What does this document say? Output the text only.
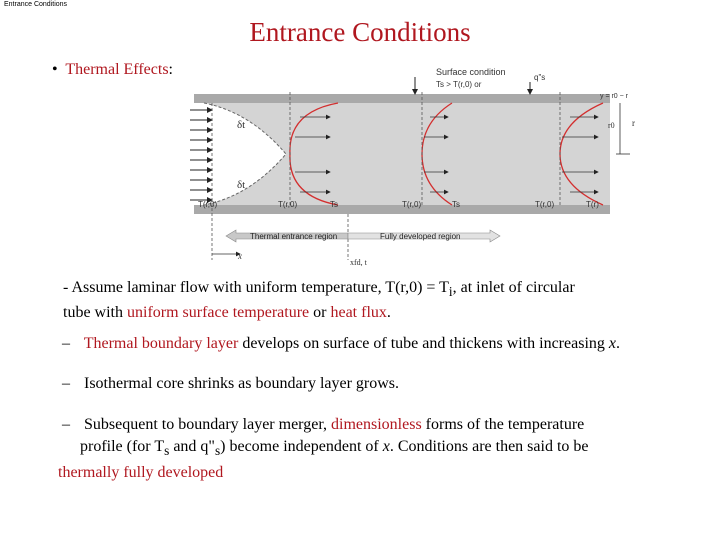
Entrance Conditions
Entrance Conditions
• Thermal Effects:	Surface condition
Ts > T(r,0) or
q"s
δt
δt
y = r0 − r
r
r0
T(r,0)	T(r,0)	Ts	T(r,0)	Ts	T(r,0)	T(r)
Thermal entrance region	Fully developed region
x
xfd, t
- Assume laminar flow with uniform temperature, $T(r,0) = T_i$, at inlet of circular
tube with uniform surface temperature or heat flux.
– Thermal boundary layer develops on surface of tube and thickens with increasing x.
– Isothermal core shrinks as boundary layer grows.
– Subsequent to boundary layer merger, dimensionless forms of the temperature
profile (for $T_s$ and $q"_s$) become independent of x. Conditions are then said to be
thermally fully developed
